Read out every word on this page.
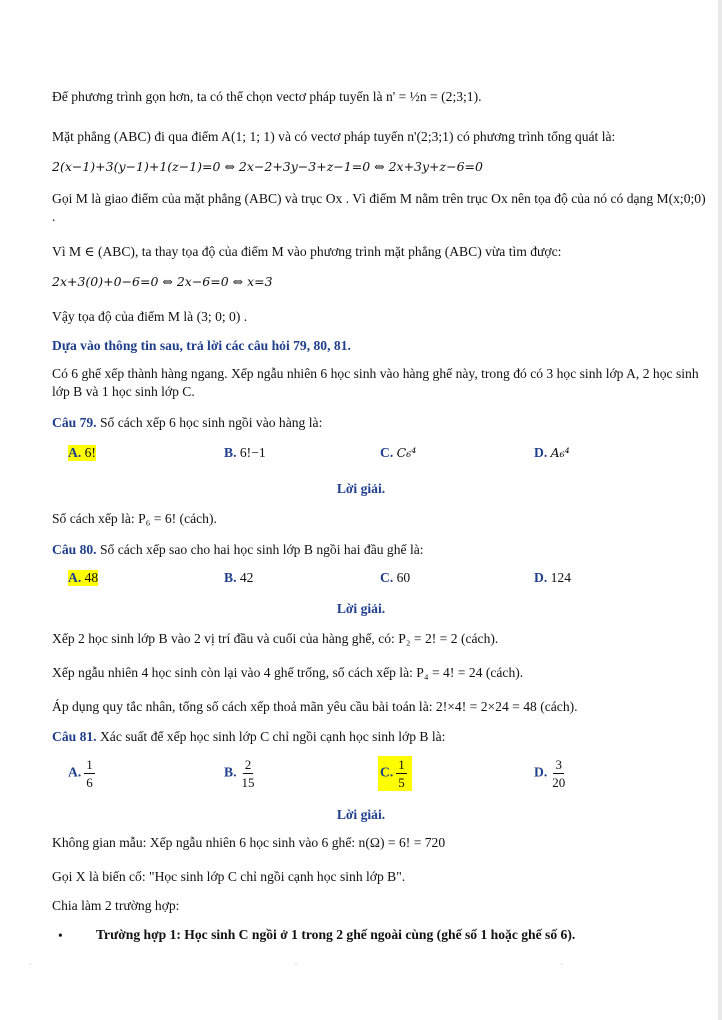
Để phương trình gọn hơn, ta có thể chọn vectơ pháp tuyến là n' = ½n = (2;3;1).
Mặt phẳng (ABC) đi qua điểm A(1; 1; 1) và có vectơ pháp tuyến n'(2;3;1) có phương trình tổng quát là:
2(x−1)+3(y−1)+1(z−1)=0 ⇔ 2x−2+3y−3+z−1=0 ⇔ 2x+3y+z−6=0
Gọi M là giao điểm của mặt phẳng (ABC) và trục Ox . Vì điểm M nằm trên trục Ox nên tọa độ của nó có dạng M(x;0;0) .
Vì M ∈ (ABC), ta thay tọa độ của điểm M vào phương trình mặt phẳng (ABC) vừa tìm được:
2x+3(0)+0−6=0 ⇔ 2x−6=0 ⇔ x=3
Vậy tọa độ của điểm M là (3; 0; 0) .
Dựa vào thông tin sau, trả lời các câu hỏi 79, 80, 81.
Có 6 ghế xếp thành hàng ngang. Xếp ngẫu nhiên 6 học sinh vào hàng ghế này, trong đó có 3 học sinh lớp A, 2 học sinh lớp B và 1 học sinh lớp C.
Câu 79. Số cách xếp 6 học sinh ngồi vào hàng là:
A. 6!	B. 6!−1	C. C₆⁴	D. A₆⁴
Lời giải.
Số cách xếp là: P₆ = 6! (cách).
Câu 80. Số cách xếp sao cho hai học sinh lớp B ngồi hai đầu ghế là:
A. 48	B. 42	C. 60	D. 124
Lời giải.
Xếp 2 học sinh lớp B vào 2 vị trí đầu và cuối của hàng ghế, có: P₂ = 2! = 2 (cách).
Xếp ngẫu nhiên 4 học sinh còn lại vào 4 ghế trống, số cách xếp là: P₄ = 4! = 24 (cách).
Áp dụng quy tắc nhân, tổng số cách xếp thoả mãn yêu cầu bài toán là: 2!×4! = 2×24 = 48 (cách).
Câu 81. Xác suất để xếp học sinh lớp C chỉ ngồi cạnh học sinh lớp B là:
A. $\frac{1}{6}$	B. $\frac{2}{15}$	C. $\frac{1}{5}$	D. $\frac{3}{20}$
Lời giải.
Không gian mẫu: Xếp ngẫu nhiên 6 học sinh vào 6 ghế: n(Ω) = 6! = 720
Gọi X là biến cố: "Học sinh lớp C chỉ ngồi cạnh học sinh lớp B".
Chia làm 2 trường hợp:
• Trường hợp 1: Học sinh C ngồi ở 1 trong 2 ghế ngoài cùng (ghế số 1 hoặc ghế số 6).
· · ·
